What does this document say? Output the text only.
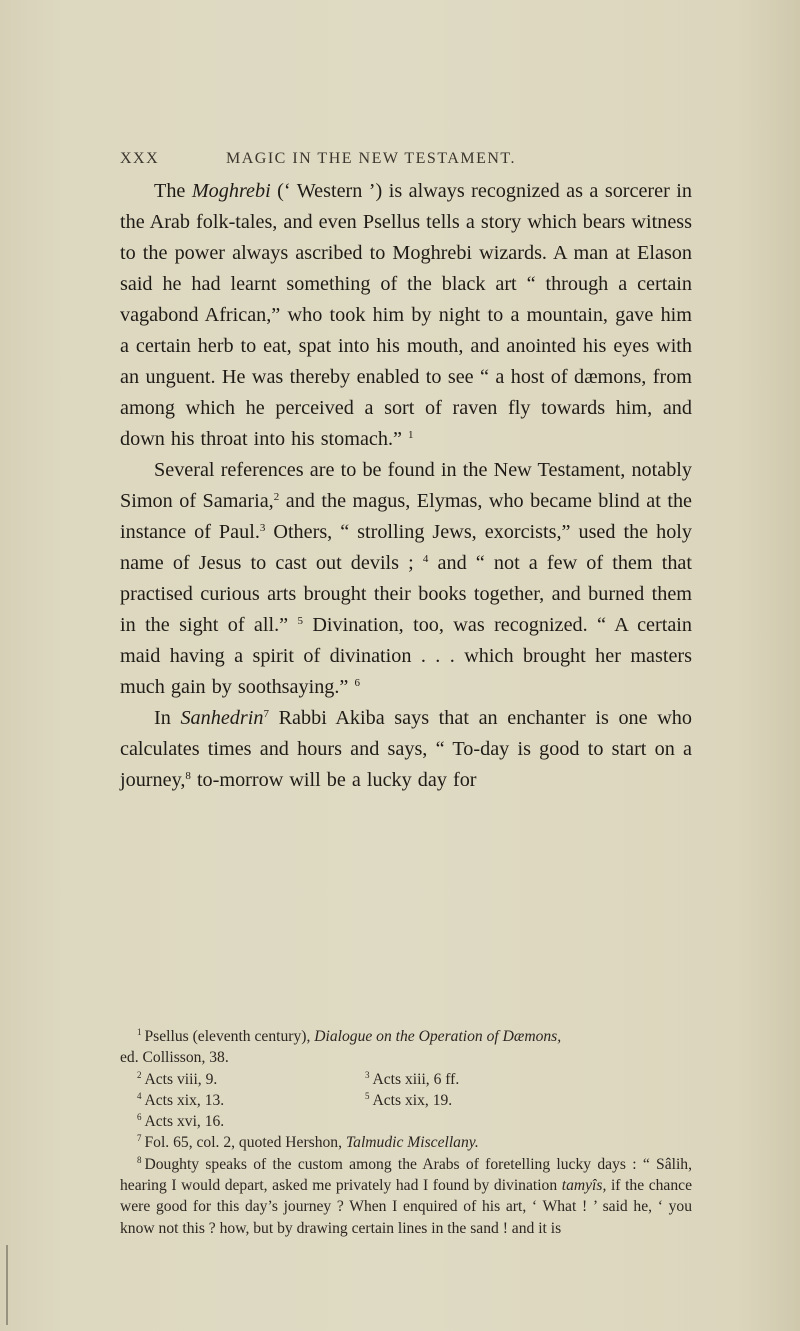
XXX	MAGIC IN THE NEW TESTAMENT.

The Moghrebi (‘ Western ’) is always recognized as a sorcerer in the Arab folk-tales, and even Psellus tells a story which bears witness to the power always ascribed to Moghrebi wizards. A man at Elason said he had learnt something of the black art “ through a certain vagabond African,” who took him by night to a mountain, gave him a certain herb to eat, spat into his mouth, and anointed his eyes with an unguent. He was thereby enabled to see “ a host of dæmons, from among which he perceived a sort of raven fly towards him, and down his throat into his stomach.” $^1$

Several references are to be found in the New Testament, notably Simon of Samaria,$^2$ and the magus, Elymas, who became blind at the instance of Paul.$^3$ Others, “ strolling Jews, exorcists,” used the holy name of Jesus to cast out devils ; $^4$ and “ not a few of them that practised curious arts brought their books together, and burned them in the sight of all.” $^5$ Divination, too, was recognized. “ A certain maid having a spirit of divination . . . which brought her masters much gain by soothsaying.” $^6$

In Sanhedrin$^7$ Rabbi Akiba says that an enchanter is one who calculates times and hours and says, “ To-day is good to start on a journey,$^8$ to-morrow will be a lucky day for

$^1$ Psellus (eleventh century), Dialogue on the Operation of Dæmons,

ed. Collisson, 38.

$^2$ Acts viii, 9.	$^3$ Acts xiii, 6 ff.
$^4$ Acts xix, 13.	$^5$ Acts xix, 19.
$^6$ Acts xvi, 16.

$^7$ Fol. 65, col. 2, quoted Hershon, Talmudic Miscellany.

$^8$ Doughty speaks of the custom among the Arabs of foretelling lucky days : “ Sâlih, hearing I would depart, asked me privately had I found by divination tamyîs, if the chance were good for this day’s journey ? When I enquired of his art, ‘ What ! ’ said he, ‘ you know not this ? how, but by drawing certain lines in the sand ! and it is
